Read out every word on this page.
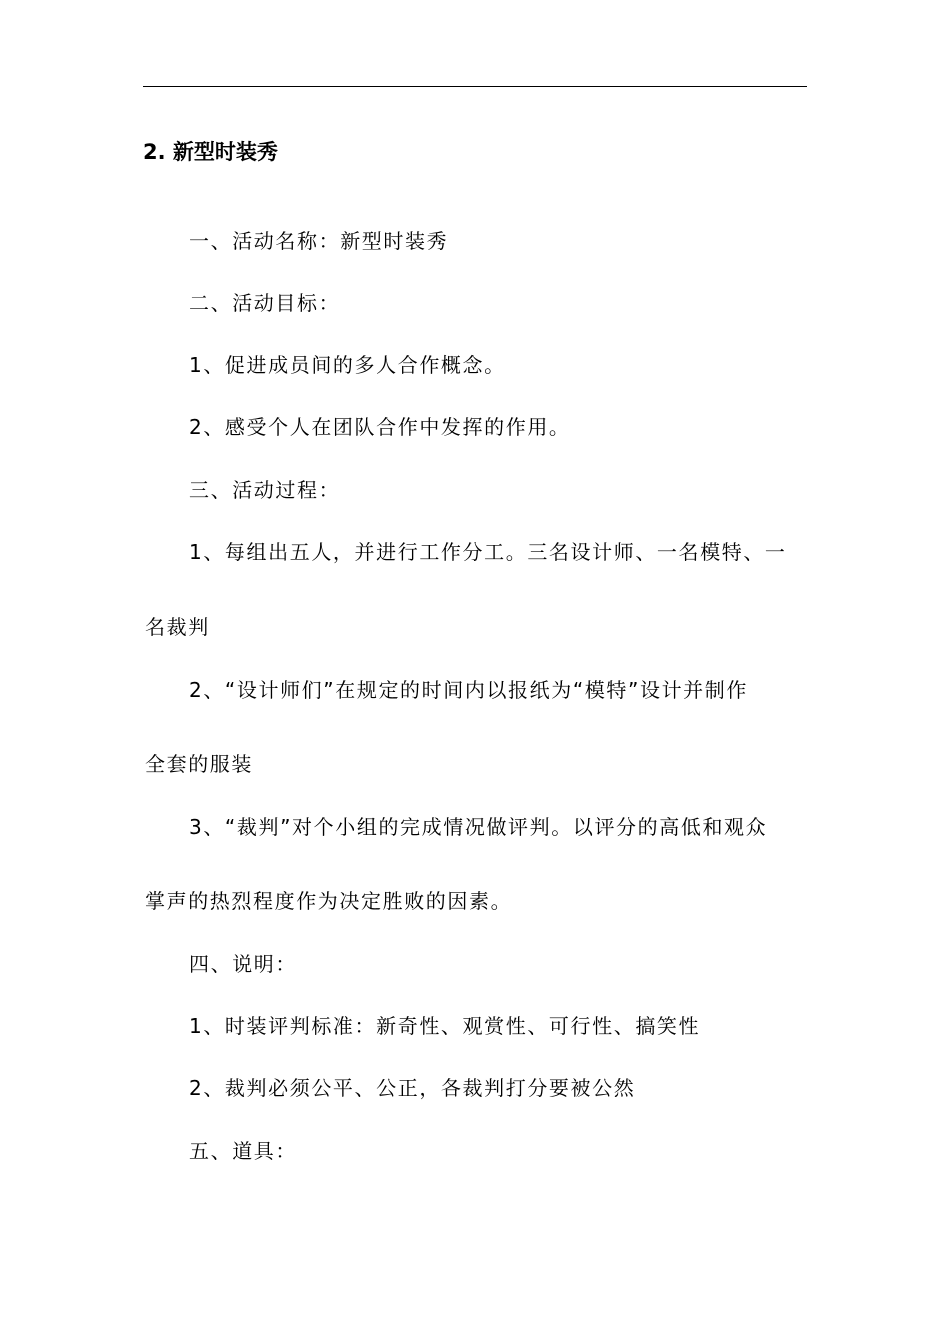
2. 新型时装秀
一、活动名称：新型时装秀
二、活动目标：
1、促进成员间的多人合作概念。
2、感受个人在团队合作中发挥的作用。
三、活动过程：
1、每组出五人，并进行工作分工。三名设计师、一名模特、一
名裁判
2、“设计师们”在规定的时间内以报纸为“模特”设计并制作
全套的服装
3、“裁判”对个小组的完成情况做评判。以评分的高低和观众
掌声的热烈程度作为决定胜败的因素。
四、说明：
1、时装评判标准：新奇性、观赏性、可行性、搞笑性
2、裁判必须公平、公正，各裁判打分要被公然
五、道具：
